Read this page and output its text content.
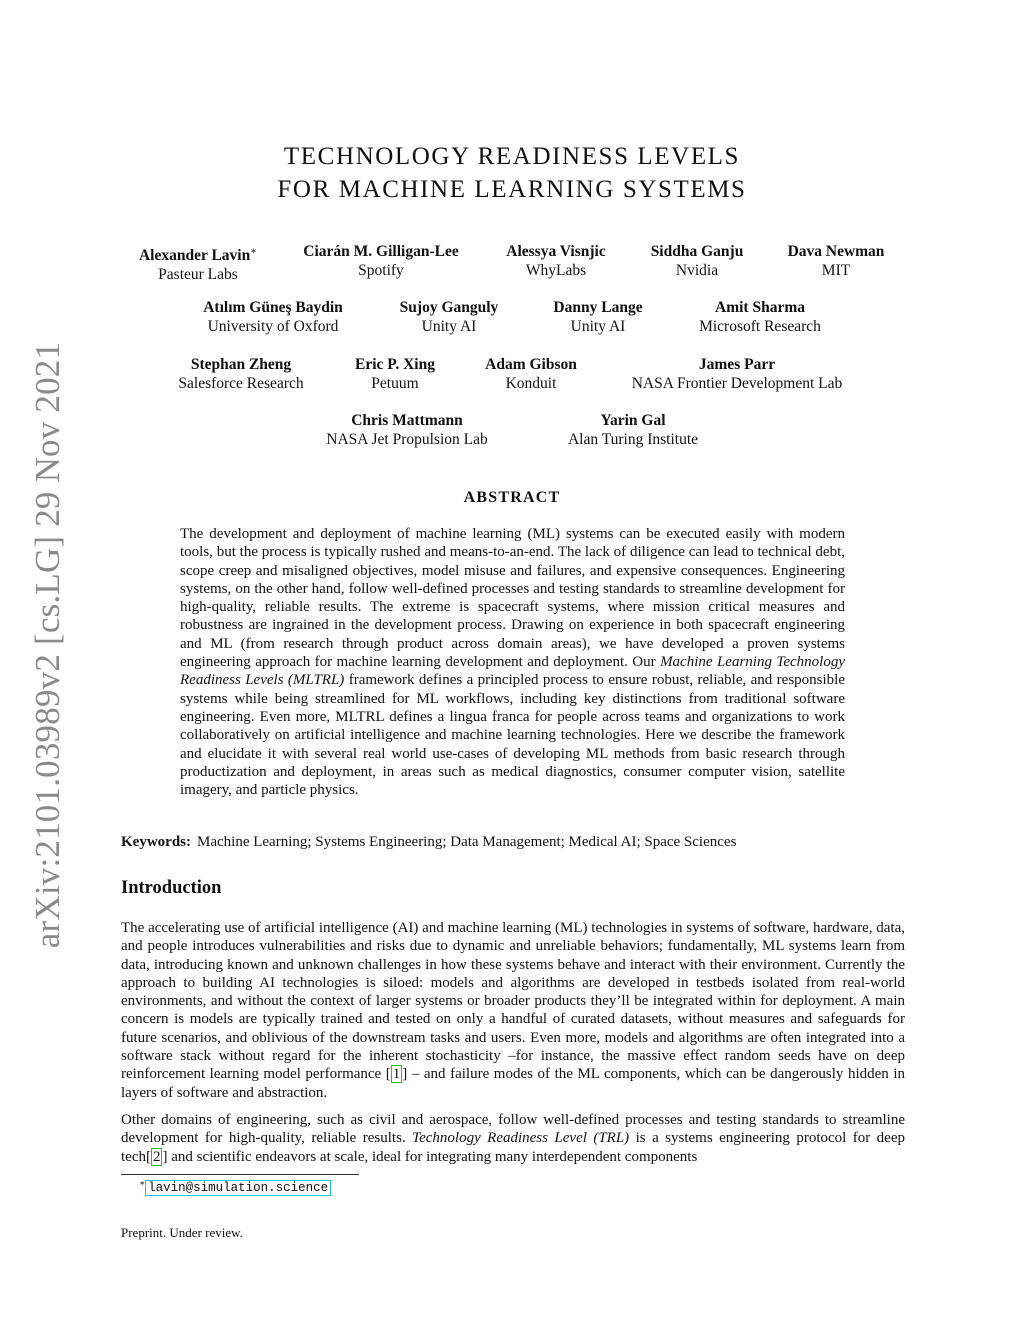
arXiv:2101.03989v2 [cs.LG] 29 Nov 2021
TECHNOLOGY READINESS LEVELS
FOR MACHINE LEARNING SYSTEMS
Alexander Lavin∗
Pasteur Labs
Ciarán M. Gilligan-Lee
Spotify
Alessya Visnjic
WhyLabs
Siddha Ganju
Nvidia
Dava Newman
MIT
Atılım Güneş Baydin
University of Oxford
Sujoy Ganguly
Unity AI
Danny Lange
Unity AI
Amit Sharma
Microsoft Research
Stephan Zheng
Salesforce Research
Eric P. Xing
Petuum
Adam Gibson
Konduit
James Parr
NASA Frontier Development Lab
Chris Mattmann
NASA Jet Propulsion Lab
Yarin Gal
Alan Turing Institute
ABSTRACT
The development and deployment of machine learning (ML) systems can be executed easily with modern tools, but the process is typically rushed and means-to-an-end. The lack of diligence can lead to technical debt, scope creep and misaligned objectives, model misuse and failures, and expensive consequences. Engineering systems, on the other hand, follow well-defined processes and testing standards to streamline development for high-quality, reliable results. The extreme is spacecraft systems, where mission critical measures and robustness are ingrained in the development process. Drawing on experience in both spacecraft engineering and ML (from research through product across domain areas), we have developed a proven systems engineering approach for machine learning development and deployment. Our Machine Learning Technology Readiness Levels (MLTRL) framework defines a principled process to ensure robust, reliable, and responsible systems while being streamlined for ML workflows, including key distinctions from traditional software engineering. Even more, MLTRL defines a lingua franca for people across teams and organizations to work collaboratively on artificial intelligence and machine learning technologies. Here we describe the framework and elucidate it with several real world use-cases of developing ML methods from basic research through productization and deployment, in areas such as medical diagnostics, consumer computer vision, satellite imagery, and particle physics.
Keywords: Machine Learning; Systems Engineering; Data Management; Medical AI; Space Sciences
Introduction
The accelerating use of artificial intelligence (AI) and machine learning (ML) technologies in systems of software, hardware, data, and people introduces vulnerabilities and risks due to dynamic and unreliable behaviors; fundamentally, ML systems learn from data, introducing known and unknown challenges in how these systems behave and interact with their environment. Currently the approach to building AI technologies is siloed: models and algorithms are developed in testbeds isolated from real-world environments, and without the context of larger systems or broader products they’ll be integrated within for deployment. A main concern is models are typically trained and tested on only a handful of curated datasets, without measures and safeguards for future scenarios, and oblivious of the downstream tasks and users. Even more, models and algorithms are often integrated into a software stack without regard for the inherent stochasticity –for instance, the massive effect random seeds have on deep reinforcement learning model performance [ 1 ] – and failure modes of the ML components, which can be dangerously hidden in layers of software and abstraction.
Other domains of engineering, such as civil and aerospace, follow well-defined processes and testing standards to streamline development for high-quality, reliable results. Technology Readiness Level (TRL) is a systems engineering protocol for deep tech[ 2 ] and scientific endeavors at scale, ideal for integrating many interdependent components
∗ lavin@simulation.science
Preprint. Under review.
